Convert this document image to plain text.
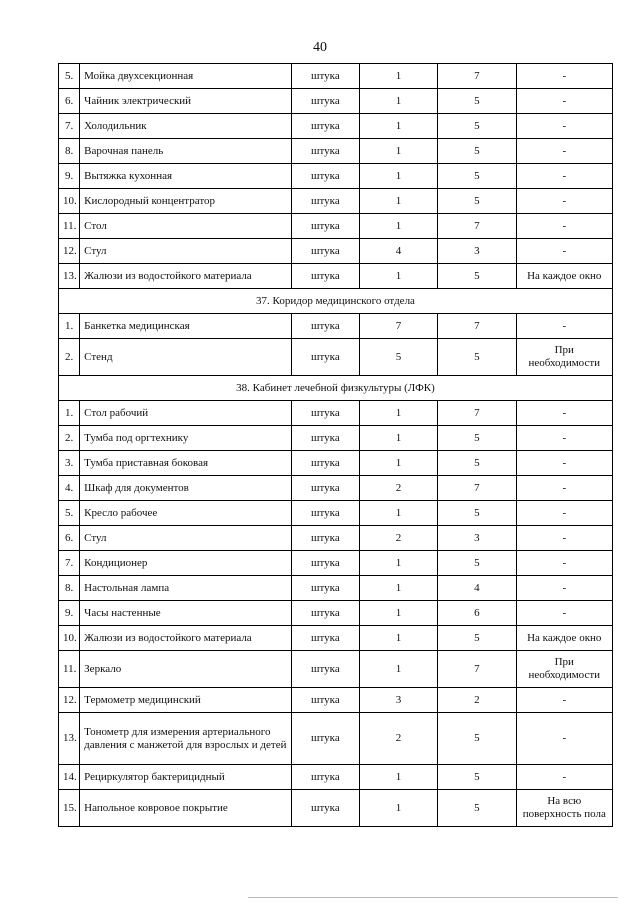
40
5.	Мойка двухсекционная	штука	1	7	-
6.	Чайник электрический	штука	1	5	-
7.	Холодильник	штука	1	5	-
8.	Варочная панель	штука	1	5	-
9.	Вытяжка кухонная	штука	1	5	-
10.	Кислородный концентратор	штука	1	5	-
11.	Стол	штука	1	7	-
12.	Стул	штука	4	3	-
13.	Жалюзи из водостойкого материала	штука	1	5	На каждое окно
37. Коридор медицинского отдела					
1.	Банкетка медицинская	штука	7	7	-
2.	Стенд	штука	5	5	При необходимости
38. Кабинет лечебной физкультуры (ЛФК)					
1.	Стол рабочий	штука	1	7	-
2.	Тумба под оргтехнику	штука	1	5	-
3.	Тумба приставная боковая	штука	1	5	-
4.	Шкаф для документов	штука	2	7	-
5.	Кресло рабочее	штука	1	5	-
6.	Стул	штука	2	3	-
7.	Кондиционер	штука	1	5	-
8.	Настольная лампа	штука	1	4	-
9.	Часы настенные	штука	1	6	-
10.	Жалюзи из водостойкого материала	штука	1	5	На каждое окно
11.	Зеркало	штука	1	7	При необходимости
12.	Термометр медицинский	штука	3	2	-
13.	Тонометр для измерения артериального давления с манжетой для взрослых и детей	штука	2	5	-
14.	Рециркулятор бактерицидный	штука	1	5	-
15.	Напольное ковровое покрытие	штука	1	5	На всю поверхность пола
